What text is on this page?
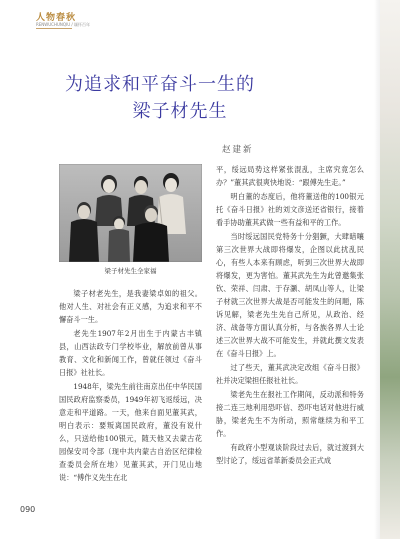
人物春秋
RENWUCHUNQIU / 缅怀百年
为追求和平奋斗一生的
梁子材先生
赵建新
梁子材先生全家福

梁子材老先生，是我妻梁卓如的祖父。他对人生、对社会有正义感，为追求和平不懈奋斗一生。

老先生1907年2月出生于内蒙古丰镇县，山西法政专门学校毕业，解放前曾从事教育、文化和新闻工作，曾就任领过《奋斗日报》社社长。

1948年，梁先生前往南京出任中华民国国民政府监察委员，1949年初飞返绥远，决意走和平道路。一天，他来自面见董其武，明白表示：要叛离国民政府，董没有说什么，只送给他100银元，随天他又去蒙古花园保安司令部（现中共内蒙古自治区纪律检查委员会所在地）见董其武，开门见山地说：“傅作义先生在北

平，绥远局势这样紧张混乱，主席究竟怎么办？”董其武很爽快地说：“跟傅先生走。”

明白董的态度后，他将董送他的100银元托《奋斗日报》社的刘文彦送还省银行，接着看手协助董其武做一些有益和平的工作。

当时绥远国民党特务十分猖獗，大肆暗嚷第三次世界大战即将爆发，企图以此扰乱民心，有些人本来有顾虑，听到三次世界大战即将爆发，更为害怕。董其武先生为此曾邀集张钦、荣祥、闫肃、于存灏、胡凤山等人，让梁子材就三次世界大战是否可能发生的问题，陈诉见解，梁老先生先自己所见，从政治、经济、战备等方面认真分析，与各族各界人士论述三次世界大战不可能发生，并就此撰文发表在《奋斗日报》上。

过了些天，董其武决定改组《奋斗日报》社并决定梁担任报社社长。

梁老先生在报社工作期间，反动派和特务接二连三地利用恐吓信、恐吓电话对他进行威胁，梁老先生不为所动，照常继续为和平工作。

有政府小型观谈阶段过去后，就过渡到大型讨论了，绥远省革新委员会正式成

090
